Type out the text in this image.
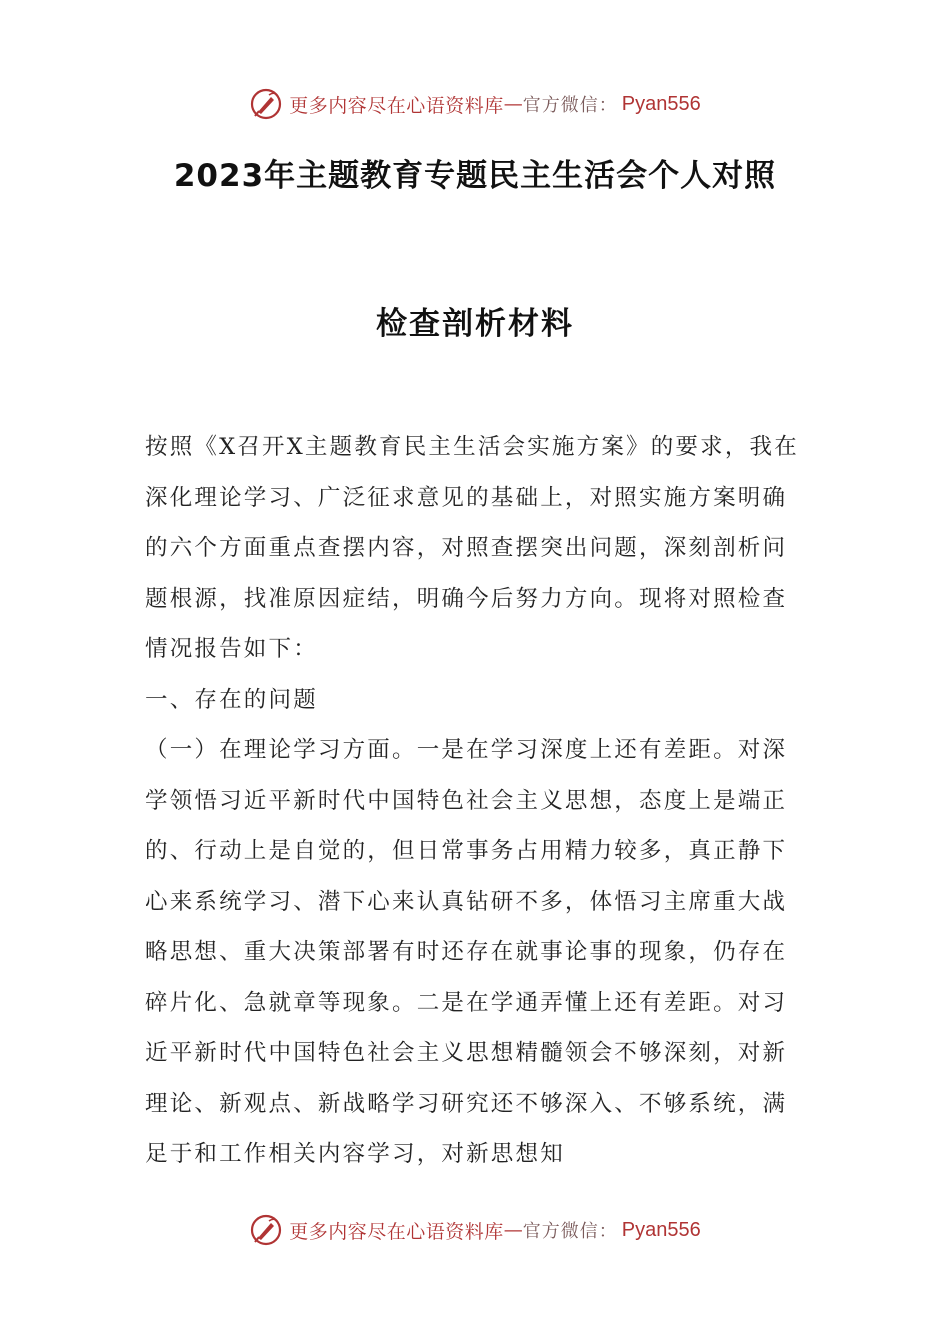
更多内容尽在心语资料库 — 官方微信： Pyan556
2023年主题教育专题民主生活会个人对照
检查剖析材料

按照《X召开X主题教育民主生活会实施方案》的要求，我在深化理论学习、广泛征求意见的基础上，对照实施方案明确的六个方面重点查摆内容，对照查摆突出问题，深刻剖析问题根源，找准原因症结，明确今后努力方向。现将对照检查情况报告如下：

一、存在的问题

（一）在理论学习方面。一是在学习深度上还有差距。对深学领悟习近平新时代中国特色社会主义思想，态度上是端正的、行动上是自觉的，但日常事务占用精力较多，真正静下心来系统学习、潜下心来认真钻研不多，体悟习主席重大战略思想、重大决策部署有时还存在就事论事的现象，仍存在碎片化、急就章等现象。二是在学通弄懂上还有差距。对习近平新时代中国特色社会主义思想精髓领会不够深刻，对新理论、新观点、新战略学习研究还不够深入、不够系统，满足于和工作相关内容学习，对新思想知

更多内容尽在心语资料库 — 官方微信： Pyan556
